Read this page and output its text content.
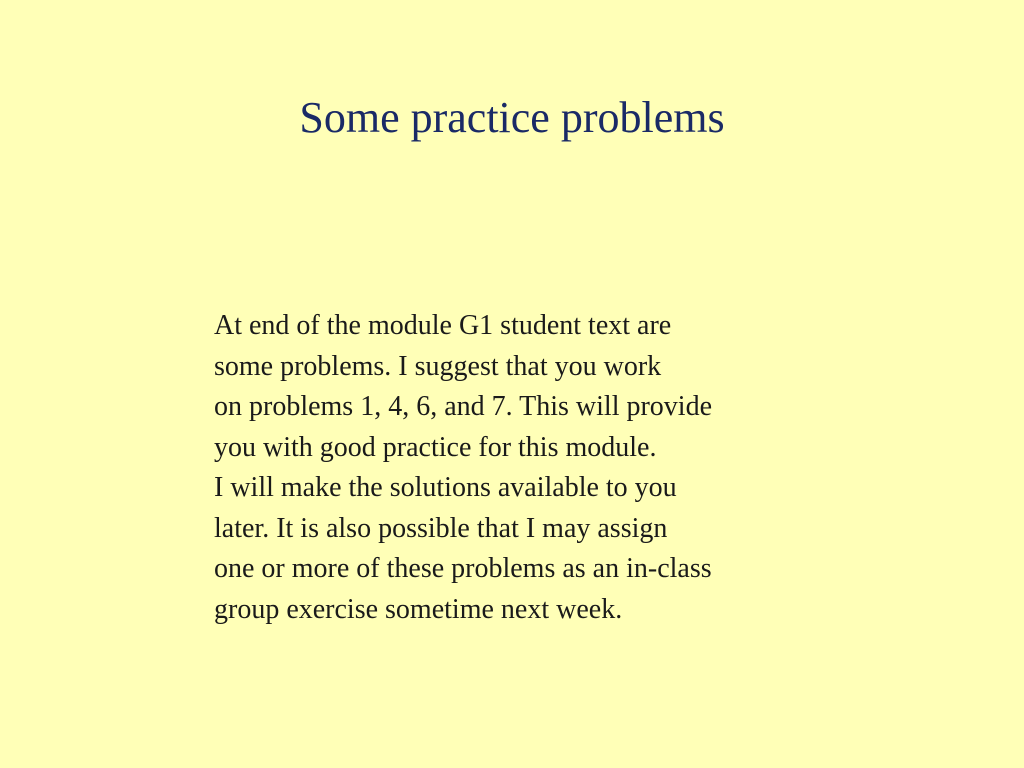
Some practice problems
At end of the module G1 student text are
some problems. I suggest that you work
on problems 1, 4, 6, and 7. This will provide
you with good practice for this module.
I will make the solutions available to you
later. It is also possible that I may assign
one or more of these problems as an in-class
group exercise sometime next week.
